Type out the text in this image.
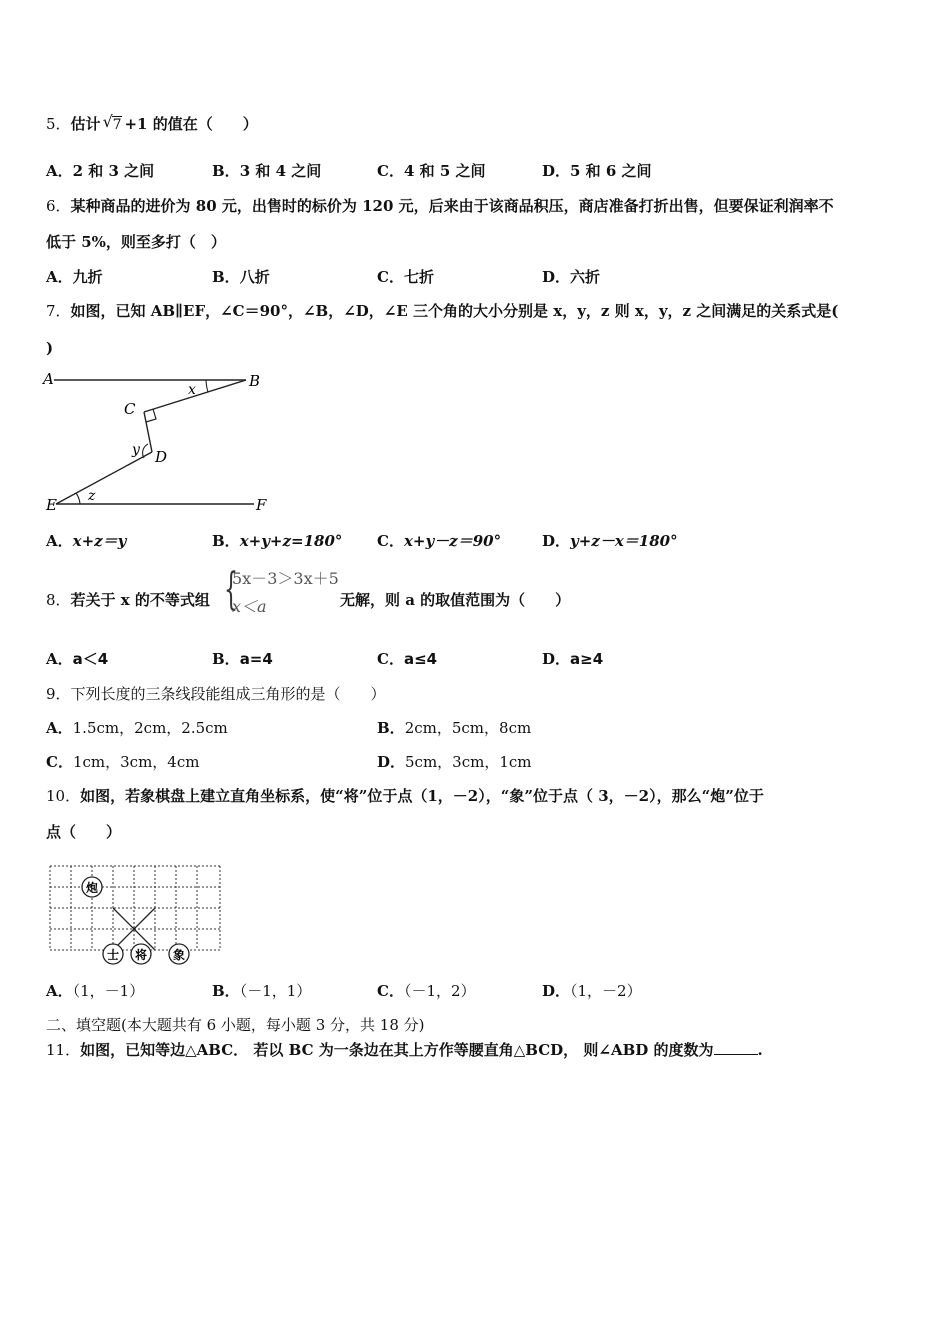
5．估计 √ 7 +1 的值在（　　）
A．2 和 3 之间	B．3 和 4 之间	C．4 和 5 之间	D．5 和 6 之间
6．某种商品的进价为 80 元，出售时的标价为 120 元，后来由于该商品积压，商店准备打折出售，但要保证利润率不
低于 5%，则至多打（　）
A．九折	B．八折	C．七折	D．六折
7．如图，已知 AB∥EF，∠C＝90°，∠B，∠D，∠E 三个角的大小分别是 x，y，z 则 x，y，z 之间满足的关系式是(
)
A	B
C
D
E	F
x
y
z
A．x+z＝y	B．x+y+z=180° C．x+y－z＝90°	D．y+z－x＝180°
8．若关于 x 的不等式组 {
5x－3＞3x＋5
x＜a	无解，则 a 的取值范围为（　　）
A．a＜4	B．a=4	C．a≤4	D．a≥4
9．下列长度的三条线段能组成三角形的是（　　）
A．1.5cm，2cm，2.5cm	B．2cm，5cm，8cm
C．1cm，3cm，4cm	D．5cm，3cm，1cm
10．如图，若象棋盘上建立直角坐标系，使“将”位于点（1，－2），“象”位于点（ 3，－2），那么“炮”位于
点（　　）
炮
士 将 象
A．（1，－1）	B．（－1，1）	C．（－1，2）	D．（1，－2）
二、填空题(本大题共有 6 小题，每小题 3 分，共 18 分)
11．如图，已知等边△ABC． 若以 BC 为一条边在其上方作等腰直角△BCD， 则∠ABD 的度数为	.
